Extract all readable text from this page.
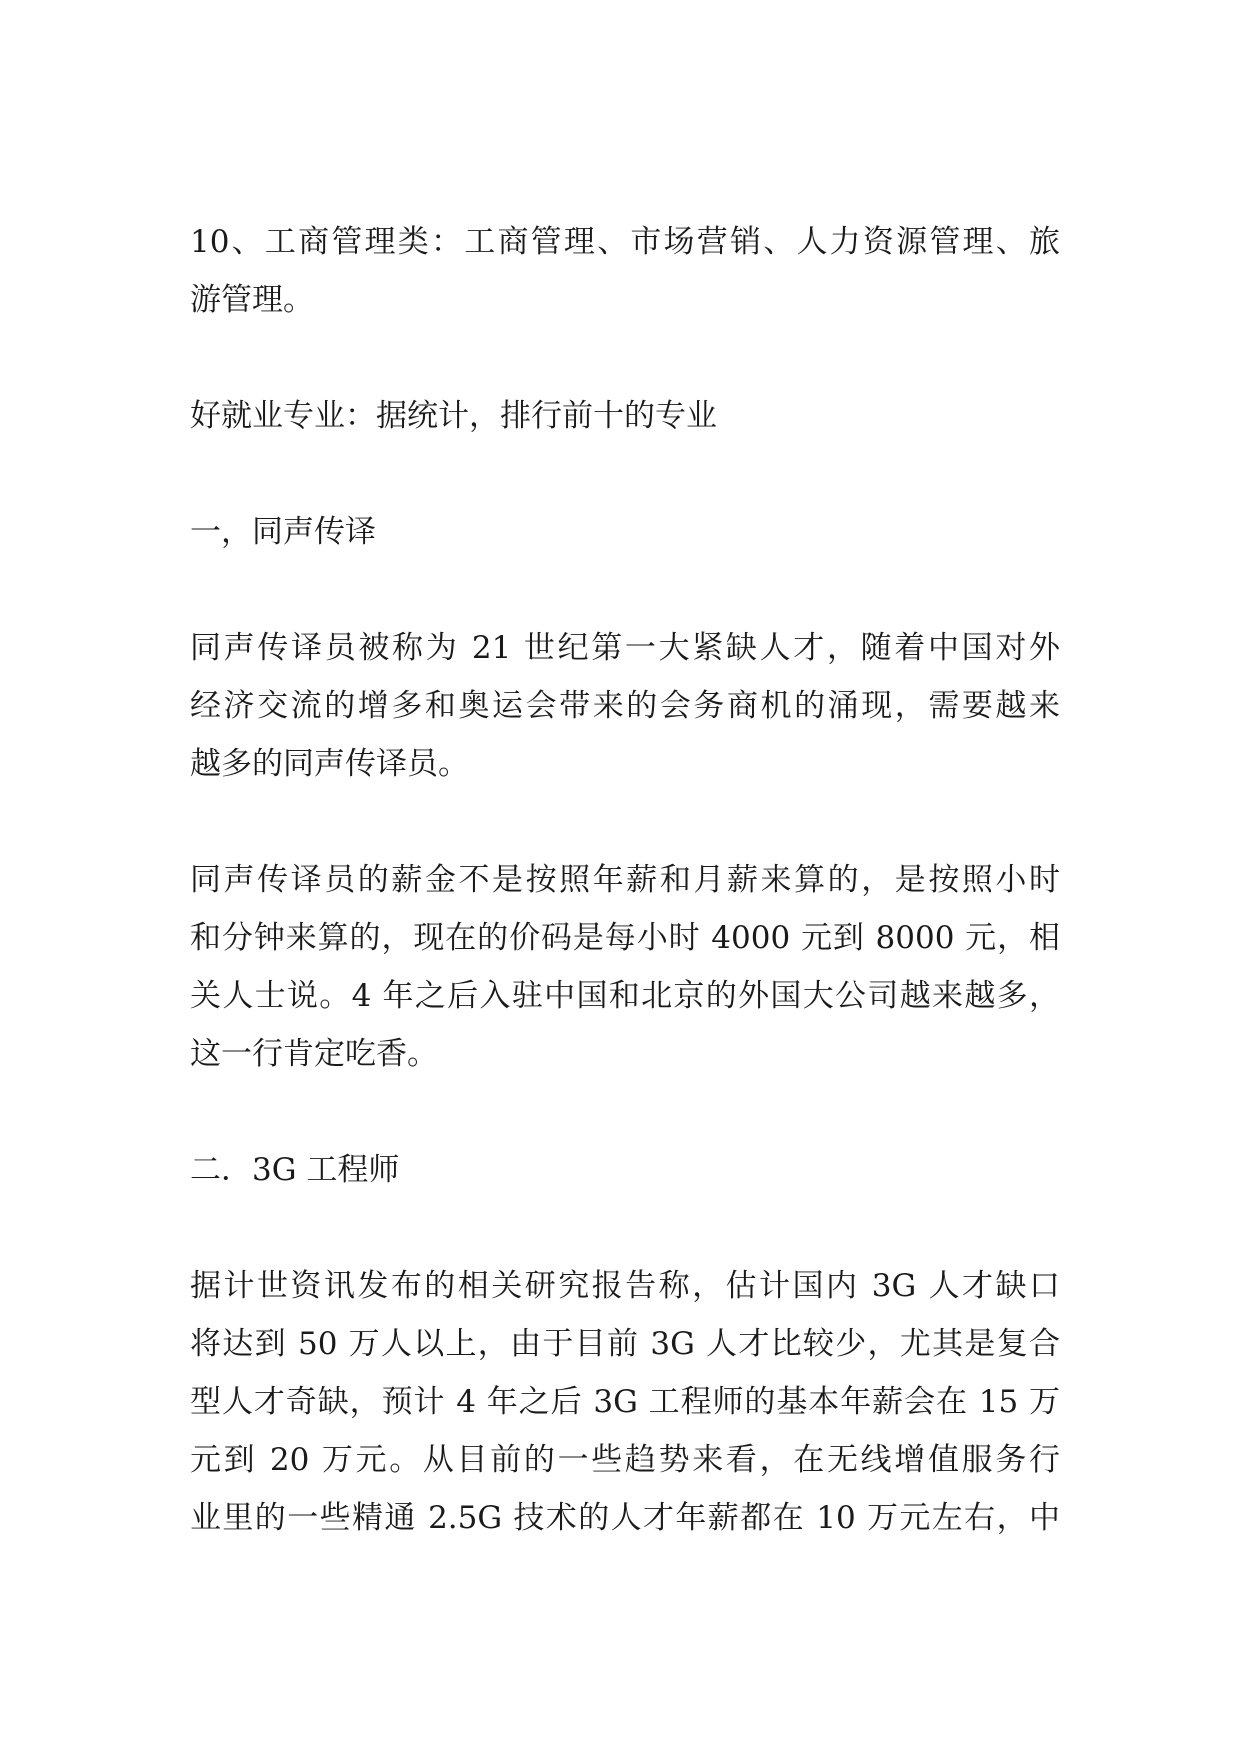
10、工商管理类：工商管理、市场营销、人力资源管理、旅
游管理。

好就业专业：据统计，排行前十的专业

一，同声传译

同声传译员被称为 21 世纪第一大紧缺人才，随着中国对外
经济交流的增多和奥运会带来的会务商机的涌现，需要越来
越多的同声传译员。

同声传译员的薪金不是按照年薪和月薪来算的，是按照小时
和分钟来算的，现在的价码是每小时 4000 元到 8000 元，相
关人士说。4 年之后入驻中国和北京的外国大公司越来越多，
这一行肯定吃香。

二．3G 工程师

据计世资讯发布的相关研究报告称，估计国内 3G 人才缺口
将达到 50 万人以上，由于目前 3G 人才比较少，尤其是复合
型人才奇缺，预计 4 年之后 3G 工程师的基本年薪会在 15 万
元到 20 万元。从目前的一些趋势来看，在无线增值服务行
业里的一些精通 2.5G 技术的人才年薪都在 10 万元左右，中
